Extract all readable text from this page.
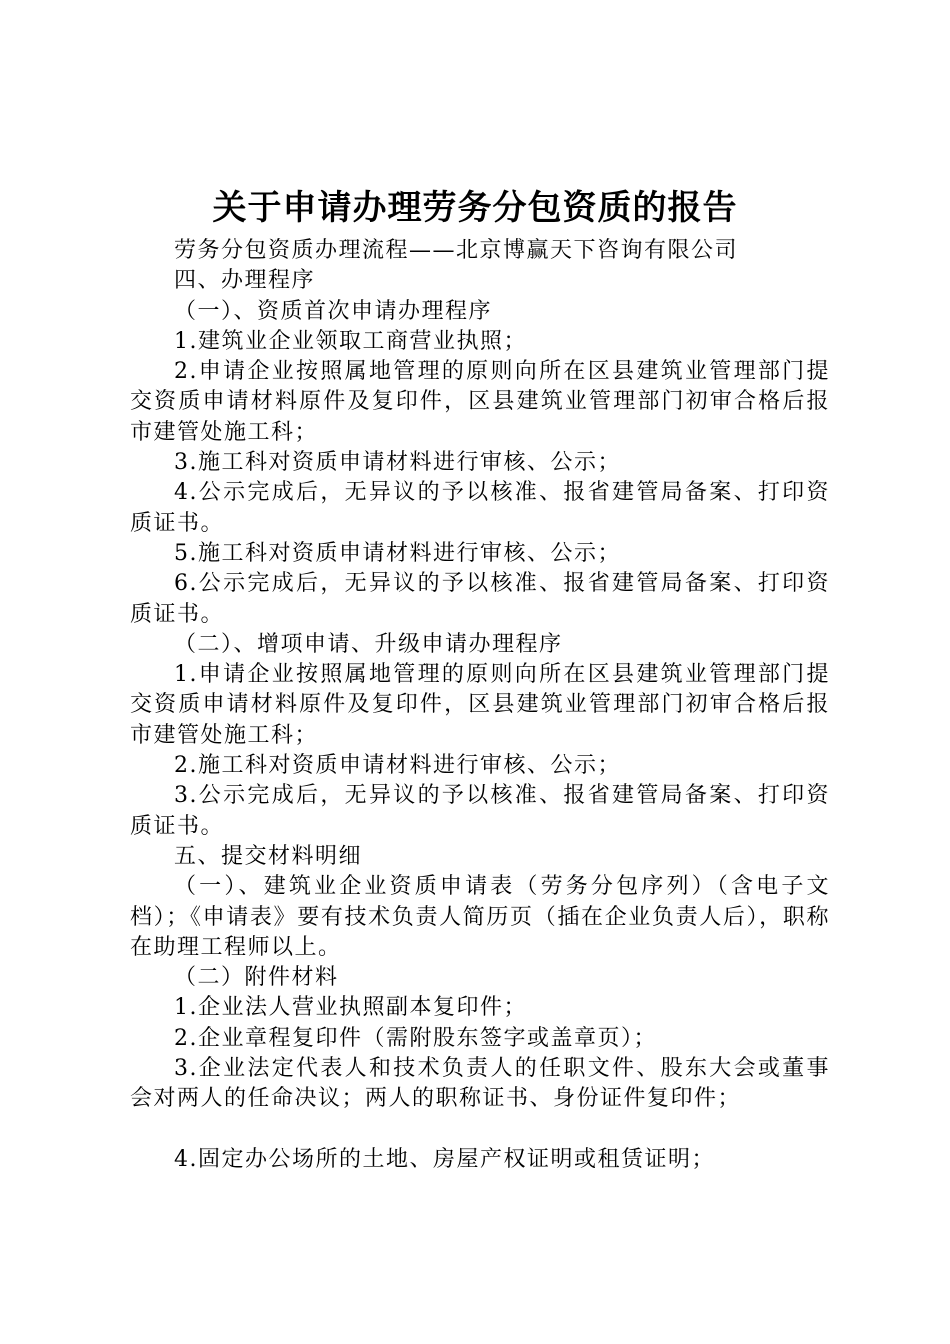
关于申请办理劳务分包资质的报告

劳务分包资质办理流程——北京博赢天下咨询有限公司

四、办理程序

（一）、资质首次申请办理程序

1.建筑业企业领取工商营业执照；

2.申请企业按照属地管理的原则向所在区县建筑业管理部门提交资质申请材料原件及复印件，区县建筑业管理部门初审合格后报市建管处施工科；

3.施工科对资质申请材料进行审核、公示；

4.公示完成后，无异议的予以核准、报省建管局备案、打印资质证书。

5.施工科对资质申请材料进行审核、公示；

6.公示完成后，无异议的予以核准、报省建管局备案、打印资质证书。

（二）、增项申请、升级申请办理程序

1.申请企业按照属地管理的原则向所在区县建筑业管理部门提交资质申请材料原件及复印件，区县建筑业管理部门初审合格后报市建管处施工科；

2.施工科对资质申请材料进行审核、公示；

3.公示完成后，无异议的予以核准、报省建管局备案、打印资质证书。

五、提交材料明细

（一）、建筑业企业资质申请表（劳务分包序列）（含电子文档）；《申请表》要有技术负责人简历页（插在企业负责人后），职称在助理工程师以上。

（二）附件材料

1.企业法人营业执照副本复印件；

2.企业章程复印件（需附股东签字或盖章页）；

3.企业法定代表人和技术负责人的任职文件、股东大会或董事会对两人的任命决议；两人的职称证书、身份证件复印件；

4.固定办公场所的土地、房屋产权证明或租赁证明；
